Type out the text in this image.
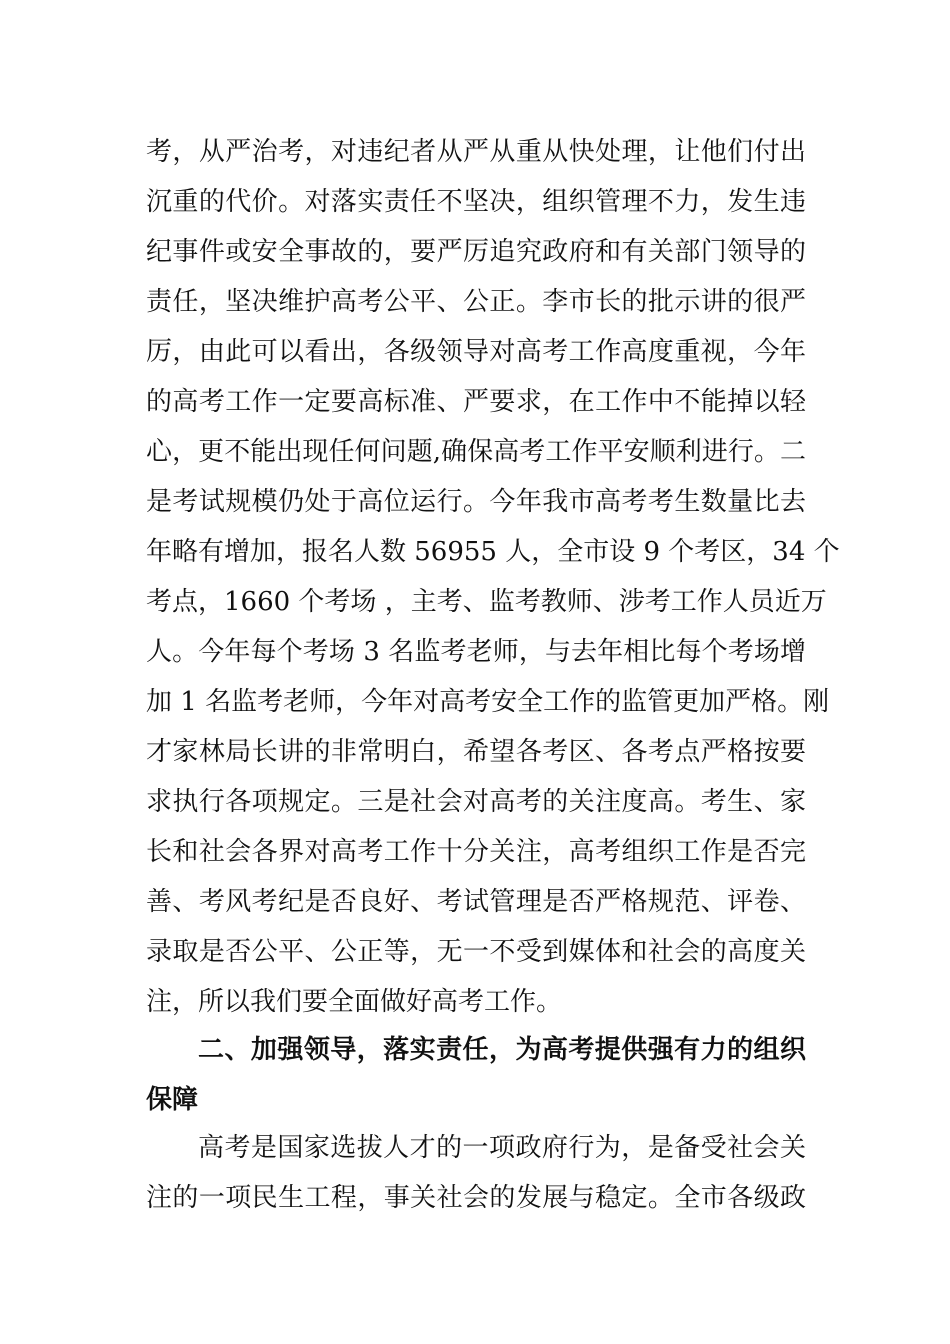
考，从严治考，对违纪者从严从重从快处理，让他们付出
沉重的代价。对落实责任不坚决，组织管理不力，发生违
纪事件或安全事故的，要严厉追究政府和有关部门领导的
责任，坚决维护高考公平、公正。李市长的批示讲的很严
厉，由此可以看出，各级领导对高考工作高度重视，今年
的高考工作一定要高标准、严要求，在工作中不能掉以轻
心，更不能出现任何问题,确保高考工作平安顺利进行。二
是考试规模仍处于高位运行。今年我市高考考生数量比去
年略有增加，报名人数 56955 人，全市设 9 个考区，34 个
考点，1660 个考场 ，主考、监考教师、涉考工作人员近万
人。今年每个考场 3 名监考老师，与去年相比每个考场增
加 1 名监考老师，今年对高考安全工作的监管更加严格。刚
才家林局长讲的非常明白，希望各考区、各考点严格按要
求执行各项规定。三是社会对高考的关注度高。考生、家
长和社会各界对高考工作十分关注，高考组织工作是否完
善、考风考纪是否良好、考试管理是否严格规范、评卷、
录取是否公平、公正等，无一不受到媒体和社会的高度关
注，所以我们要全面做好高考工作。
二、加强领导，落实责任，为高考提供强有力的组织
保障
高考是国家选拔人才的一项政府行为，是备受社会关
注的一项民生工程，事关社会的发展与稳定。全市各级政
